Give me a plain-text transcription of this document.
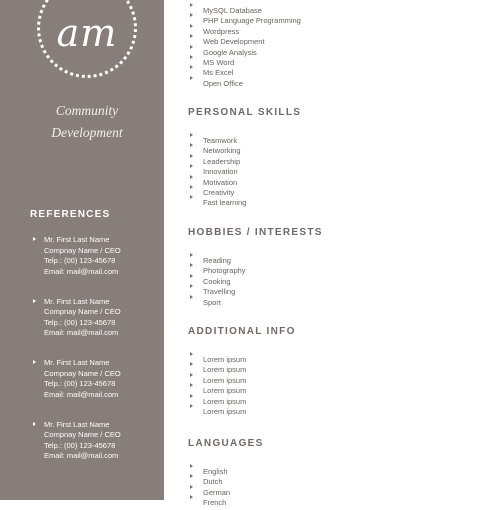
am
Community
Development
REFERENCES
Mr. First Last Name
Compnay Name / CEO
Telp.: (00) 123-45678
Email: mail@mail.com
Mr. First Last Name
Compnay Name / CEO
Telp.: (00) 123-45678
Email: mail@mail.com
Mr. First Last Name
Compnay Name / CEO
Telp.: (00) 123-45678
Email: mail@mail.com
Mr. First Last Name
Compnay Name / CEO
Telp.: (00) 123-45678
Email: mail@mail.com
MySQL Database
PHP Language Programming
Wordpress
Web Development
Google Analysis
MS Word
Ms Excel
Open Office
PERSONAL SKILLS
Teamwork
Networking
Leadership
Innovation
Motivation
Creativity
Fast learning
HOBBIES / INTERESTS
Reading
Photography
Cooking
Travelling
Sport
ADDITIONAL INFO
Lorem ipsum
Lorem ipsum
Lorem ipsum
Lorem ipsum
Lorem ipsum
Lorem ipsum
LANGUAGES
English
Dutch
German
French
